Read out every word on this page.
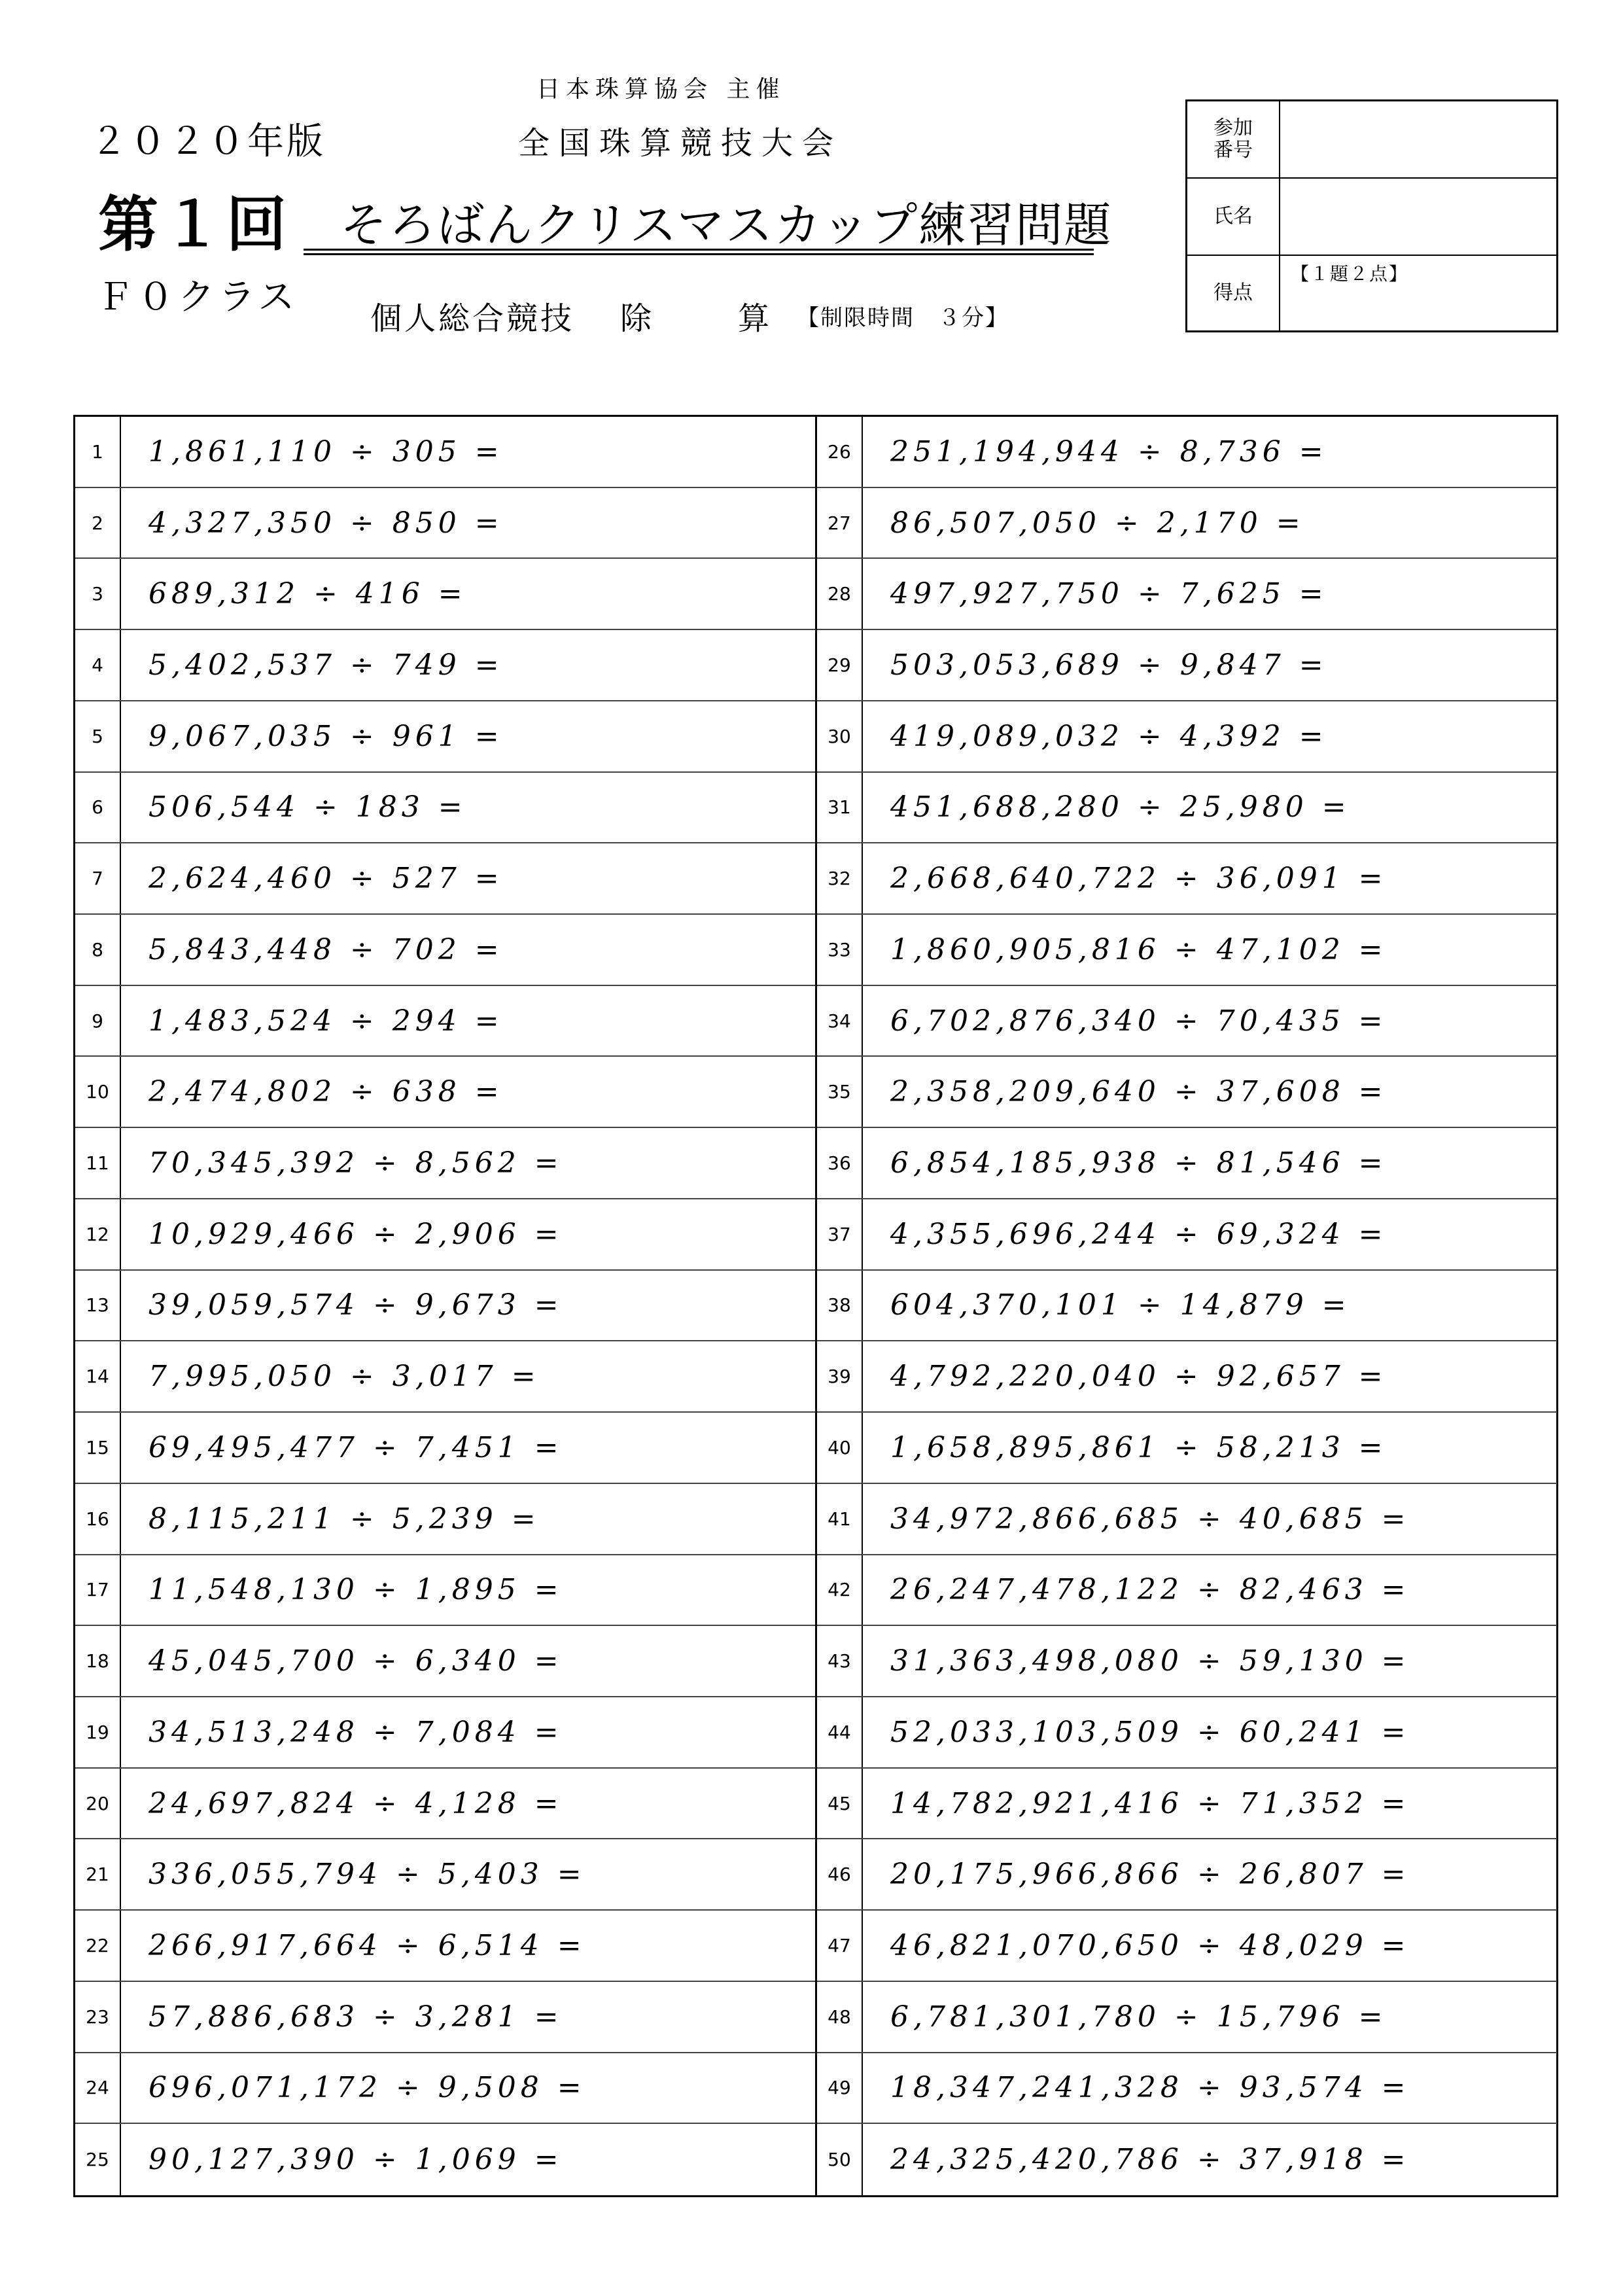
日本珠算協会 主催
２０２０年版	全国珠算競技大会
第１回 そろばんクリスマスカップ練習問題
Ｆ０クラス 個人総合競技 除算
【制限時間　３分】
参加
番号
氏名
得点
【１題２点】
1	1,861,110 ÷ 305 =
2	4,327,350 ÷ 850 =
3	689,312 ÷ 416 =
4	5,402,537 ÷ 749 =
5	9,067,035 ÷ 961 =
6	506,544 ÷ 183 =
7	2,624,460 ÷ 527 =
8	5,843,448 ÷ 702 =
9	1,483,524 ÷ 294 =
10	2,474,802 ÷ 638 =
11	70,345,392 ÷ 8,562 =
12	10,929,466 ÷ 2,906 =
13	39,059,574 ÷ 9,673 =
14	7,995,050 ÷ 3,017 =
15	69,495,477 ÷ 7,451 =
16	8,115,211 ÷ 5,239 =
17	11,548,130 ÷ 1,895 =
18	45,045,700 ÷ 6,340 =
19	34,513,248 ÷ 7,084 =
20	24,697,824 ÷ 4,128 =
21	336,055,794 ÷ 5,403 =
22	266,917,664 ÷ 6,514 =
23	57,886,683 ÷ 3,281 =
24	696,071,172 ÷ 9,508 =
25	90,127,390 ÷ 1,069 =
26	251,194,944 ÷ 8,736 =
27	86,507,050 ÷ 2,170 =
28	497,927,750 ÷ 7,625 =
29	503,053,689 ÷ 9,847 =
30	419,089,032 ÷ 4,392 =
31	451,688,280 ÷ 25,980 =
32	2,668,640,722 ÷ 36,091 =
33	1,860,905,816 ÷ 47,102 =
34	6,702,876,340 ÷ 70,435 =
35	2,358,209,640 ÷ 37,608 =
36	6,854,185,938 ÷ 81,546 =
37	4,355,696,244 ÷ 69,324 =
38	604,370,101 ÷ 14,879 =
39	4,792,220,040 ÷ 92,657 =
40	1,658,895,861 ÷ 58,213 =
41	34,972,866,685 ÷ 40,685 =
42	26,247,478,122 ÷ 82,463 =
43	31,363,498,080 ÷ 59,130 =
44	52,033,103,509 ÷ 60,241 =
45	14,782,921,416 ÷ 71,352 =
46	20,175,966,866 ÷ 26,807 =
47	46,821,070,650 ÷ 48,029 =
48	6,781,301,780 ÷ 15,796 =
49	18,347,241,328 ÷ 93,574 =
50	24,325,420,786 ÷ 37,918 =
